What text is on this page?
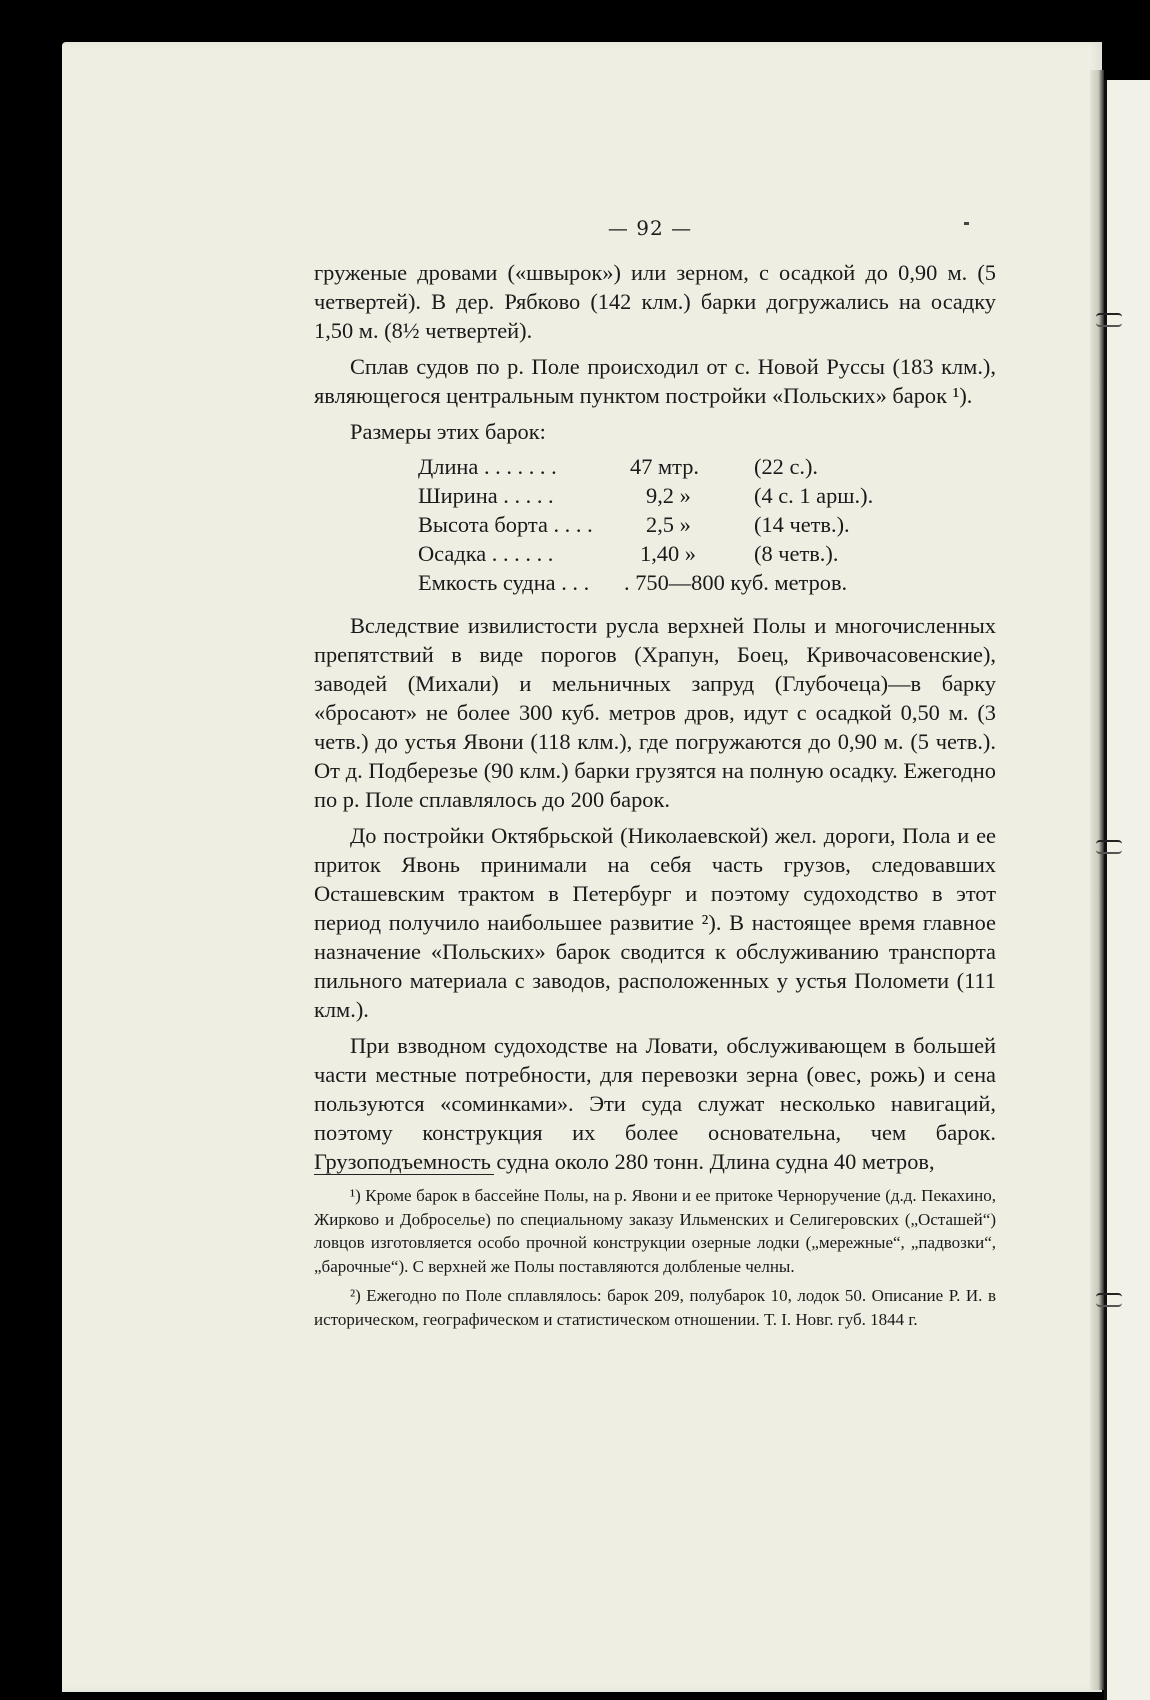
— 92 —

груженые дровами («швырок») или зерном, с осадкой до 0,90 м. (5 четвертей). В дер. Рябково (142 клм.) барки догружались на осадку 1,50 м. (8½ четвертей).

Сплав судов по р. Поле происходил от с. Новой Руссы (183 клм.), являющегося центральным пунктом постройки «Польских» барок ¹).

Размеры этих барок:

Длина . . . . . . .	47 мтр. (22 с.).
Ширина . . . . .	9,2 »	(4 с. 1 арш.).
Высота борта . . . . 2,5 »	(14 четв.).
Осадка . . . . . .	1,40 »	(8 четв.).
Емкость судна . . . . 750—800 куб. метров.

Вследствие извилистости русла верхней Полы и многочисленных препятствий в виде порогов (Храпун, Боец, Кривочасовенские), заводей (Михали) и мельничных запруд (Глубочеца)—в барку «бросают» не более 300 куб. метров дров, идут с осадкой 0,50 м. (3 четв.) до устья Явони (118 клм.), где погружаются до 0,90 м. (5 четв.). От д. Подберезье (90 клм.) барки грузятся на полную осадку. Ежегодно по р. Поле сплавлялось до 200 барок.

До постройки Октябрьской (Николаевской) жел. дороги, Пола и ее приток Явонь принимали на себя часть грузов, следовавших Осташевским трактом в Петербург и поэтому судоходство в этот период получило наибольшее развитие ²). В настоящее время главное назначение «Польских» барок сводится к обслуживанию транспорта пильного материала с заводов, расположенных у устья Поломети (111 клм.).

При взводном судоходстве на Ловати, обслуживающем в большей части местные потребности, для перевозки зерна (овес, рожь) и сена пользуются «соминками». Эти суда служат несколько навигаций, поэтому конструкция их более основательна, чем барок. Грузоподъемность судна около 280 тонн. Длина судна 40 метров,

¹) Кроме барок в бассейне Полы, на р. Явони и ее притоке Черноручение (д.д. Пекахино, Жирково и Доброселье) по специальному заказу Ильменских и Селигеровских („Осташей“) ловцов изготовляется особо прочной конструкции озерные лодки („мережные“, „падвозки“, „барочные“). С верхней же Полы поставляются долбленые челны.

²) Ежегодно по Поле сплавлялось: барок 209, полубарок 10, лодок 50. Описание Р. И. в историческом, географическом и статистическом отношении. Т. I. Новг. губ. 1844 г.
